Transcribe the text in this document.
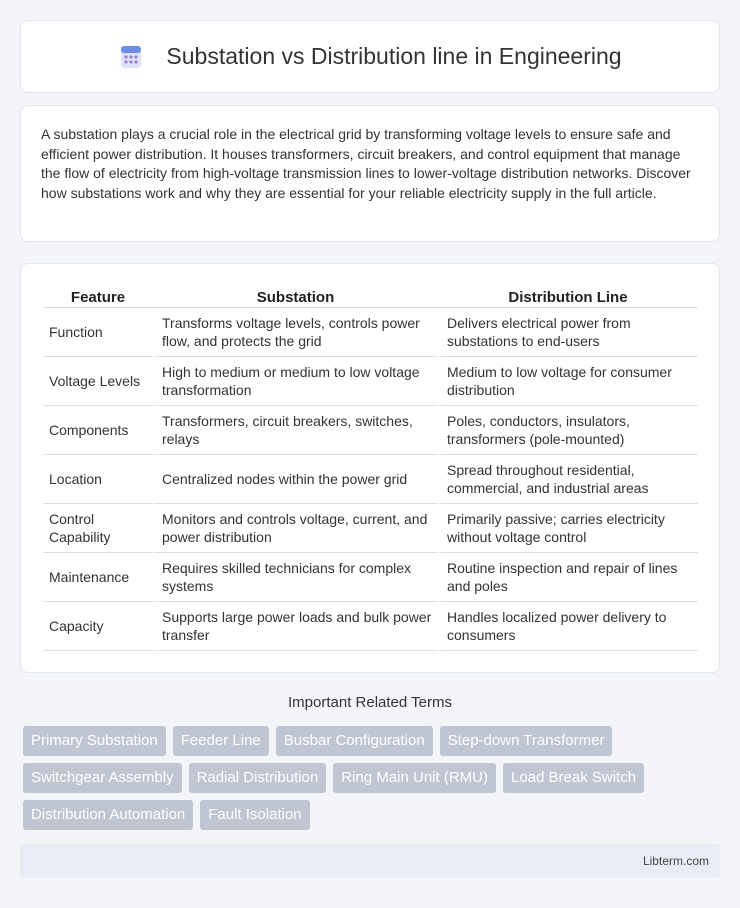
Substation vs Distribution line in Engineering

A substation plays a crucial role in the electrical grid by transforming voltage levels to ensure safe and efficient power distribution. It houses transformers, circuit breakers, and control equipment that manage the flow of electricity from high-voltage transmission lines to lower-voltage distribution networks. Discover how substations work and why they are essential for your reliable electricity supply in the full article.

Feature	Substation	Distribution Line
Function	Transforms voltage levels, controls power flow, and protects the grid	Delivers electrical power from substations to end-users
Voltage Levels	High to medium or medium to low voltage transformation	Medium to low voltage for consumer distribution
Components	Transformers, circuit breakers, switches, relays	Poles, conductors, insulators, transformers (pole-mounted)
Location	Centralized nodes within the power grid	Spread throughout residential, commercial, and industrial areas
Control Capability	Monitors and controls voltage, current, and power distribution	Primarily passive; carries electricity without voltage control
Maintenance	Requires skilled technicians for complex systems	Routine inspection and repair of lines and poles
Capacity	Supports large power loads and bulk power transfer	Handles localized power delivery to consumers
Important Related Terms
Primary Substation	Feeder Line	Busbar Configuration	Step-down Transformer
Switchgear Assembly	Radial Distribution	Ring Main Unit (RMU)	Load Break Switch
Distribution Automation	Fault Isolation
Libterm.com
